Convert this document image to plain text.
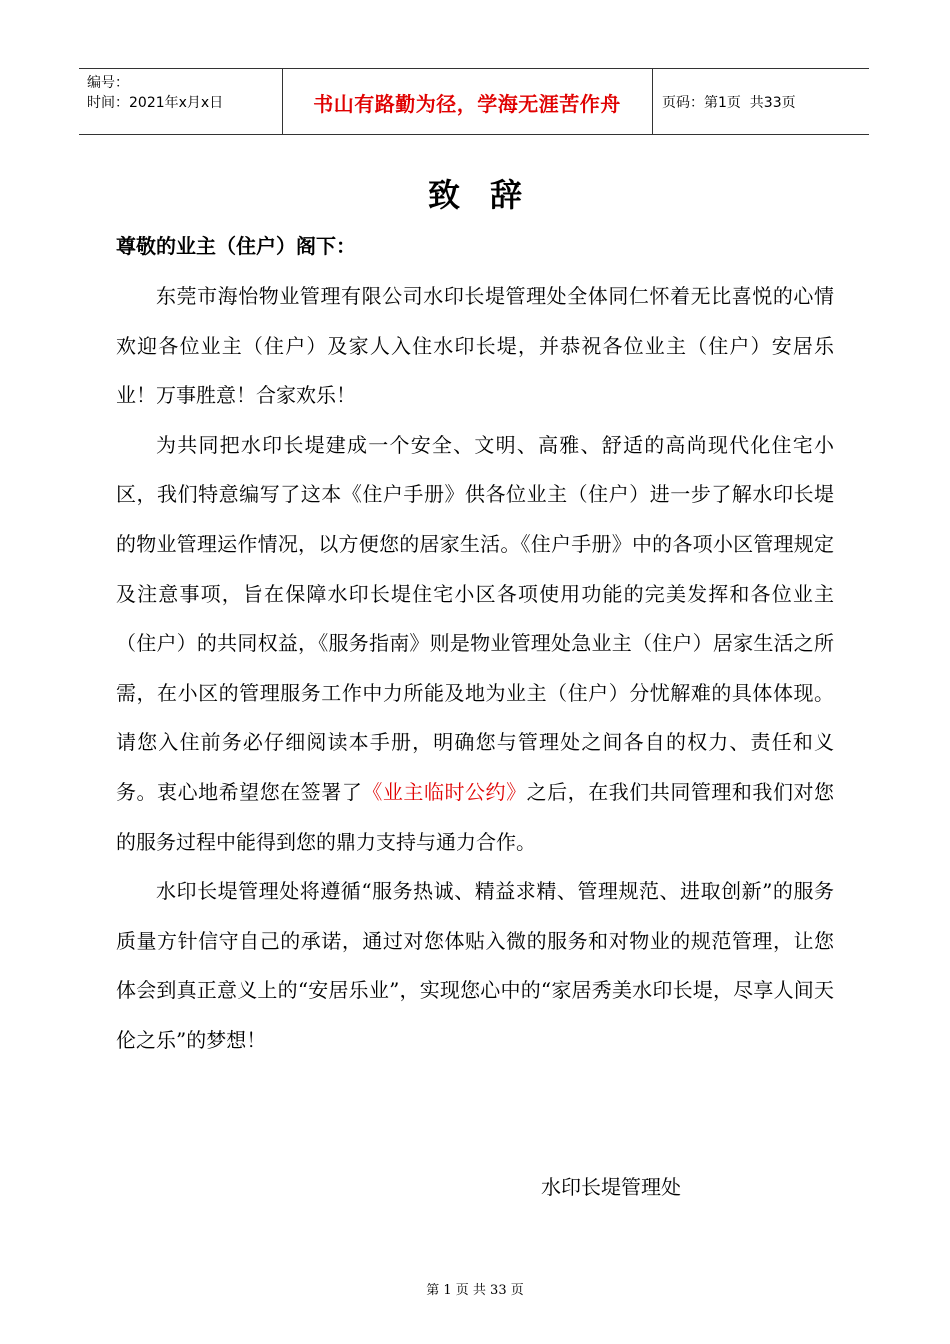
编号：
时间：2021年x月x日	书山有路勤为径，学海无涯苦作舟	页码：第1页  共33页
致辞
尊敬的业主（住户）阁下：

东莞市海怡物业管理有限公司水印长堤管理处全体同仁怀着无比喜悦的心情欢迎各位业主（住户）及家人入住水印长堤，并恭祝各位业主（住户）安居乐业！万事胜意！合家欢乐！

为共同把水印长堤建成一个安全、文明、高雅、舒适的高尚现代化住宅小区，我们特意编写了这本《住户手册》供各位业主（住户）进一步了解水印长堤的物业管理运作情况，以方便您的居家生活。《住户手册》中的各项小区管理规定及注意事项，旨在保障水印长堤住宅小区各项使用功能的完美发挥和各位业主（住户）的共同权益，《服务指南》则是物业管理处急业主（住户）居家生活之所需，在小区的管理服务工作中力所能及地为业主（住户）分忧解难的具体体现。请您入住前务必仔细阅读本手册，明确您与管理处之间各自的权力、责任和义务。衷心地希望您在签署了《业主临时公约》之后，在我们共同管理和我们对您的服务过程中能得到您的鼎力支持与通力合作。

水印长堤管理处将遵循“服务热诚、精益求精、管理规范、进取创新”的服务质量方针信守自己的承诺，通过对您体贴入微的服务和对物业的规范管理，让您体会到真正意义上的“安居乐业”，实现您心中的“家居秀美水印长堤，尽享人间天伦之乐”的梦想！

水印长堤管理处
第 1 页 共 33 页
